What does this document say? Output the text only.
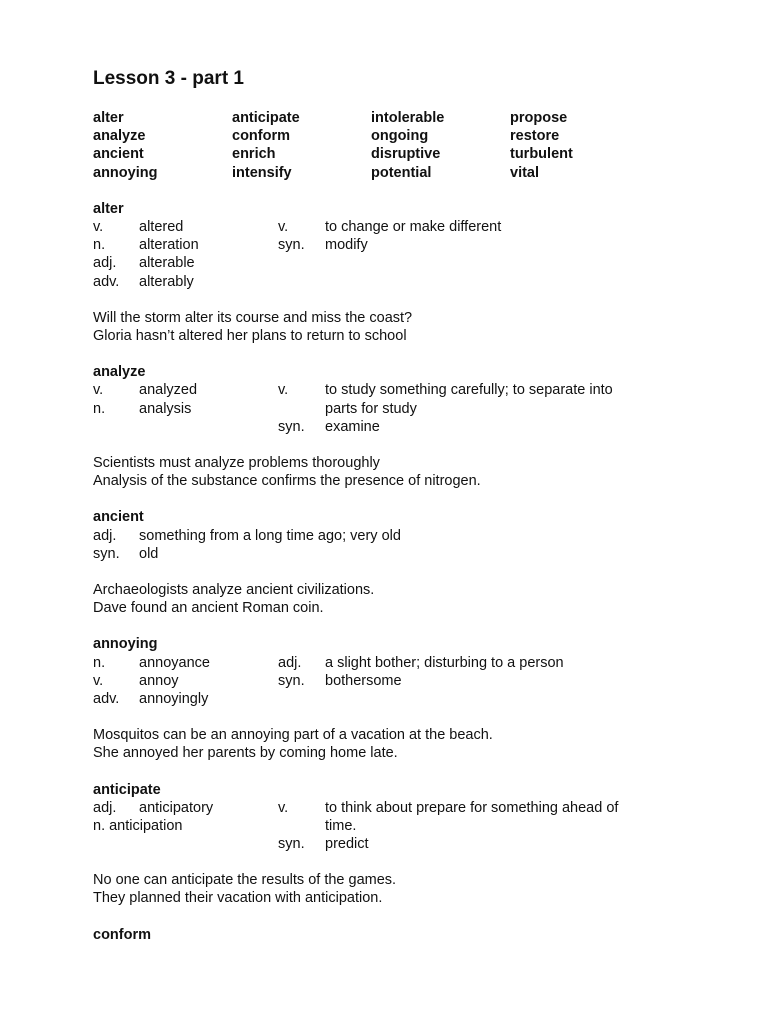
Lesson 3 - part 1
alter	anticipate	intolerable	propose
analyze	conform	ongoing	restore
ancient	enrich	disruptive	turbulent
annoying	intensify	potential	vital
alter
v. altered	v.	to change or make different
n. alteration	syn. modify
adj. alterable
adv. alterably
Will the storm alter its course and miss the coast?
Gloria hasn’t altered her plans to return to school
analyze
v. analyzed	v.	to study something carefully; to separate into
n. analysis	parts for study
syn. examine
Scientists must analyze problems thoroughly
Analysis of the substance confirms the presence of nitrogen.
ancient
adj. something from a long time ago; very old
syn. old
Archaeologists analyze ancient civilizations.
Dave found an ancient Roman coin.
annoying
n. annoyance	adj. a slight bother; disturbing to a person
v. annoy	syn. bothersome
adv. annoyingly
Mosquitos can be an annoying part of a vacation at the beach.
She annoyed her parents by coming home late.
anticipate
adj. anticipatory	v.	to think about prepare for something ahead of
n. anticipation	time.
syn. predict
No one can anticipate the results of the games.
They planned their vacation with anticipation.
conform
